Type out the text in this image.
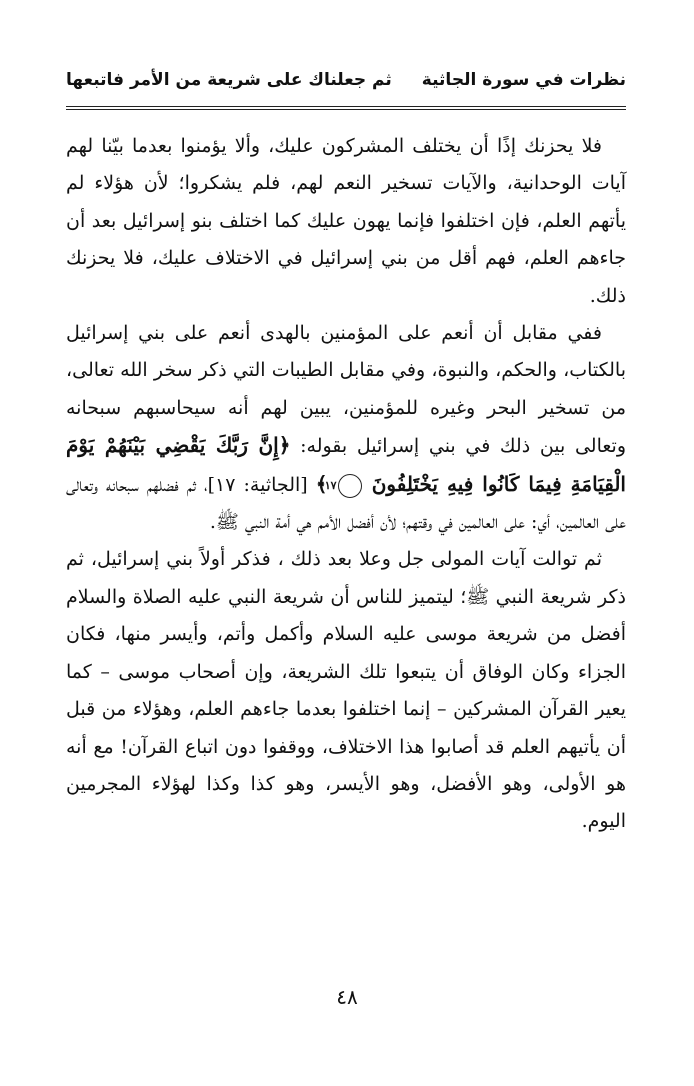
نظرات في سورة الجاثية
ثم جعلناك على شريعة من الأمر فاتبعها

فلا يحزنك إذًا أن يختلف المشركون عليك، وألا يؤمنوا بعدما بيّنا لهم آيات الوحدانية، والآيات تسخير النعم لهم، فلم يشكروا؛ لأن هؤلاء لم يأتهم العلم، فإن اختلفوا فإنما يهون عليك كما اختلف بنو إسرائيل بعد أن جاءهم العلم، فهم أقل من بني إسرائيل في الاختلاف عليك، فلا يحزنك ذلك.

ففي مقابل أن أنعم على المؤمنين بالهدى أنعم على بني إسرائيل بالكتاب، والحكم، والنبوة، وفي مقابل الطيبات التي ذكر سخر الله تعالى، من تسخير البحر وغيره للمؤمنين، يبين لهم أنه سيحاسبهم سبحانه وتعالى بين ذلك في بني إسرائيل بقوله: ﴿إِنَّ رَبَّكَ يَقْضِي بَيْنَهُمْ يَوْمَ الْقِيَامَةِ فِيمَا كَانُوا فِيهِ يَخْتَلِفُونَ ١٧ ﴾ [الجاثية: ١٧]، ثم فضلهم سبحانه وتعالى على العالمين، أي: على العالمين في وقتهم؛ لأن أفضل الأمم هي أمة النبي ﷺ.

ثم توالت آيات المولى جل وعلا بعد ذلك ، فذكر أولاً بني إسرائيل، ثم ذكر شريعة النبي ﷺ؛ ليتميز للناس أن شريعة النبي عليه الصلاة والسلام أفضل من شريعة موسى عليه السلام وأكمل وأتم، وأيسر منها، فكان الجزاء وكان الوفاق أن يتبعوا تلك الشريعة، وإن أصحاب موسى – كما يعير القرآن المشركين – إنما اختلفوا بعدما جاءهم العلم، وهؤلاء من قبل أن يأتيهم العلم قد أصابوا هذا الاختلاف، ووقفوا دون اتباع القرآن! مع أنه هو الأولى، وهو الأفضل، وهو الأيسر، وهو كذا وكذا لهؤلاء المجرمين اليوم.

٤٨
